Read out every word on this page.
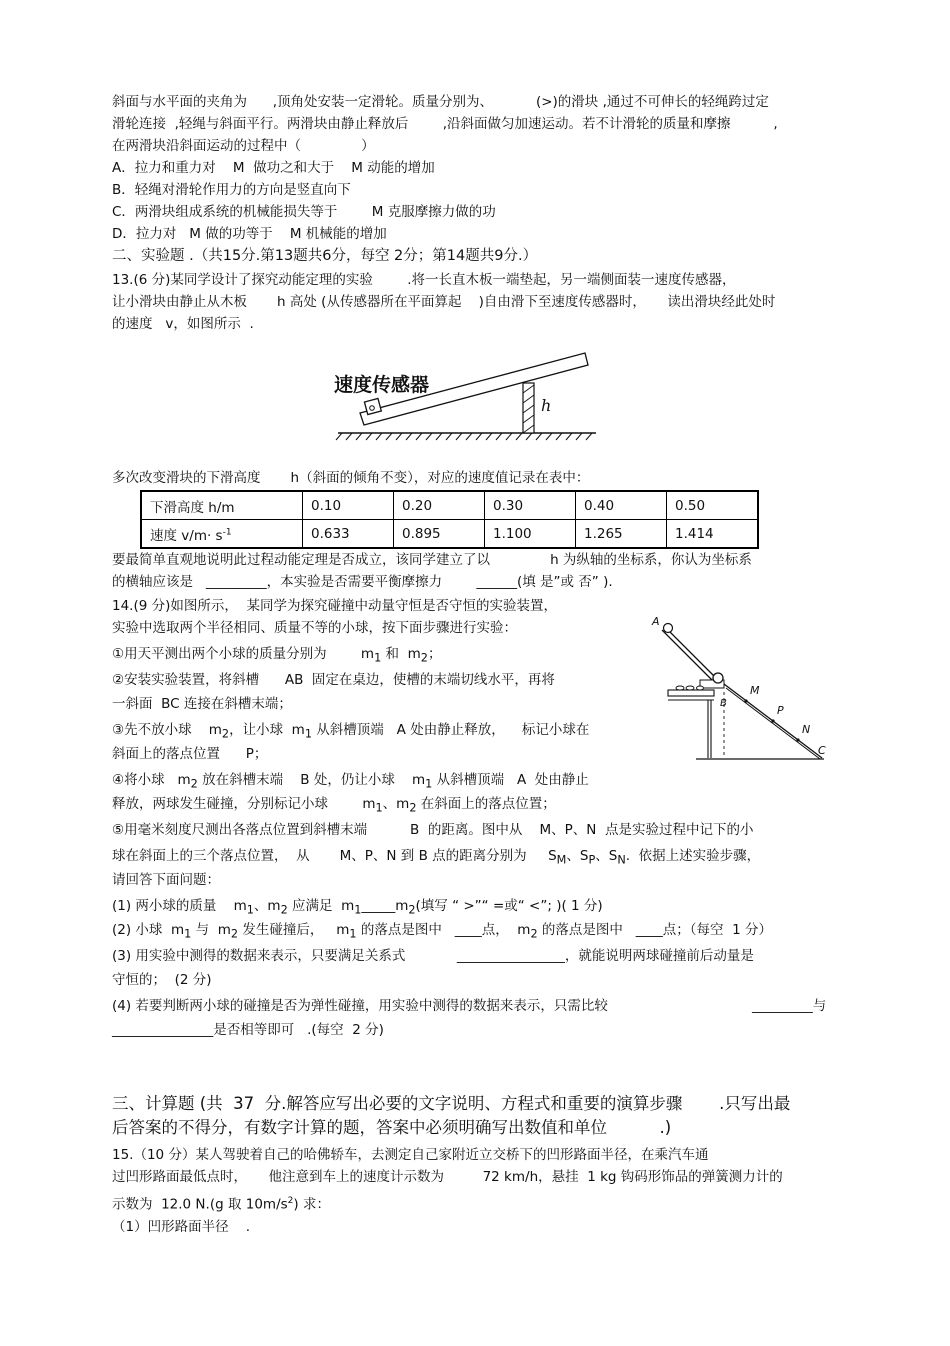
斜面与水平面的夹角为      ,顶角处安装一定滑轮。质量分别为、          (>)的滑块 ,通过不可伸长的轻绳跨过定
滑轮连接  ,轻绳与斜面平行。两滑块由静止释放后        ,沿斜面做匀加速运动。若不计滑轮的质量和摩擦          ,
在两滑块沿斜面运动的过程中（              ）
A．拉力和重力对    M  做功之和大于    M 动能的增加
B．轻绳对滑轮作用力的方向是竖直向下
C．两滑块组成系统的机械能损失等于        M 克服摩擦力做的功
D．拉力对   M 做的功等于    M 机械能的增加
二、实验题 .（共15分.第13题共6分，每空 2分；第14题共9分.）
13.(6 分)某同学设计了探究动能定理的实验        .将一长直木板一端垫起，另一端侧面装一速度传感器，
让小滑块由静止从木板       h 高处 (从传感器所在平面算起    )自由滑下至速度传感器时，     读出滑块经此处时
的速度   v，如图所示  .
速度传感器
h
多次改变滑块的下滑高度       h（斜面的倾角不变），对应的速度值记录在表中：
下滑高度 h/m	0.10	0.20	0.30	0.40	0.50
速度 $v/m\cdot s^{-1}$	0.633	0.895	1.100	1.265	1.414
要最简单直观地说明此过程动能定理是否成立，该同学建立了以              h 为纵轴的坐标系，你认为坐标系
的横轴应该是   _________，本实验是否需要平衡摩擦力        ______(填 是”或 否” ).
14.(9 分)如图所示，  某同学为探究碰撞中动量守恒是否守恒的实验装置，
实验中选取两个半径相同、质量不等的小球，按下面步骤进行实验：
①用天平测出两个小球的质量分别为        $m_1$ 和  $m_2$；
②安装实验装置，将斜槽      AB  固定在桌边，使槽的末端切线水平，再将
一斜面  BC 连接在斜槽末端；
③先不放小球    $m_2$，让小球  $m_1$ 从斜槽顶端   A 处由静止释放，    标记小球在
斜面上的落点位置      P；
④将小球   $m_2$ 放在斜槽末端    B 处，仍让小球    $m_1$ 从斜槽顶端   A  处由静止
释放，两球发生碰撞，分别标记小球        $m_1$、$m_2$ 在斜面上的落点位置；
⑤用毫米刻度尺测出各落点位置到斜槽末端          B  的距离。图中从    M、P、N  点是实验过程中记下的小
球在斜面上的三个落点位置，  从       M、P、N 到 B 点的距离分别为     $S_M$、$S_P$、$S_N$.  依据上述实验步骤，
请回答下面问题：
(1) 两小球的质量    $m_1$、$m_2$ 应满足  $m_1\_\_\_\_\_m_2$(填写 “ >”“ =或“ <”; )( 1 分)
(2) 小球  $m_1$ 与  $m_2$ 发生碰撞后，   $m_1$ 的落点是图中   ____点，  $m_2$ 的落点是图中   ____点；（每空  1 分）
(3) 用实验中测得的数据来表示，只要满足关系式            ________________，就能说明两球碰撞前后动量是
守恒的；  (2 分)
(4) 若要判断两小球的碰撞是否为弹性碰撞，用实验中测得的数据来表示，只需比较	_________与
_______________是否相等即可   .(每空  2 分)
A
B
M
P
N
C
三、计算题 (共  37  分.解答应写出必要的文字说明、方程式和重要的演算步骤       .只写出最
后答案的不得分，有数字计算的题，答案中必须明确写出数值和单位          .)
15.（10 分）某人驾驶着自己的哈佛轿车，去测定自己家附近立交桥下的凹形路面半径，在乘汽车通
过凹形路面最低点时，     他注意到车上的速度计示数为         72 km/h，悬挂  1 kg 钩码形饰品的弹簧测力计的
示数为  12.0 N.(g 取 $10m/s^2$) 求：
（1）凹形路面半径    .
